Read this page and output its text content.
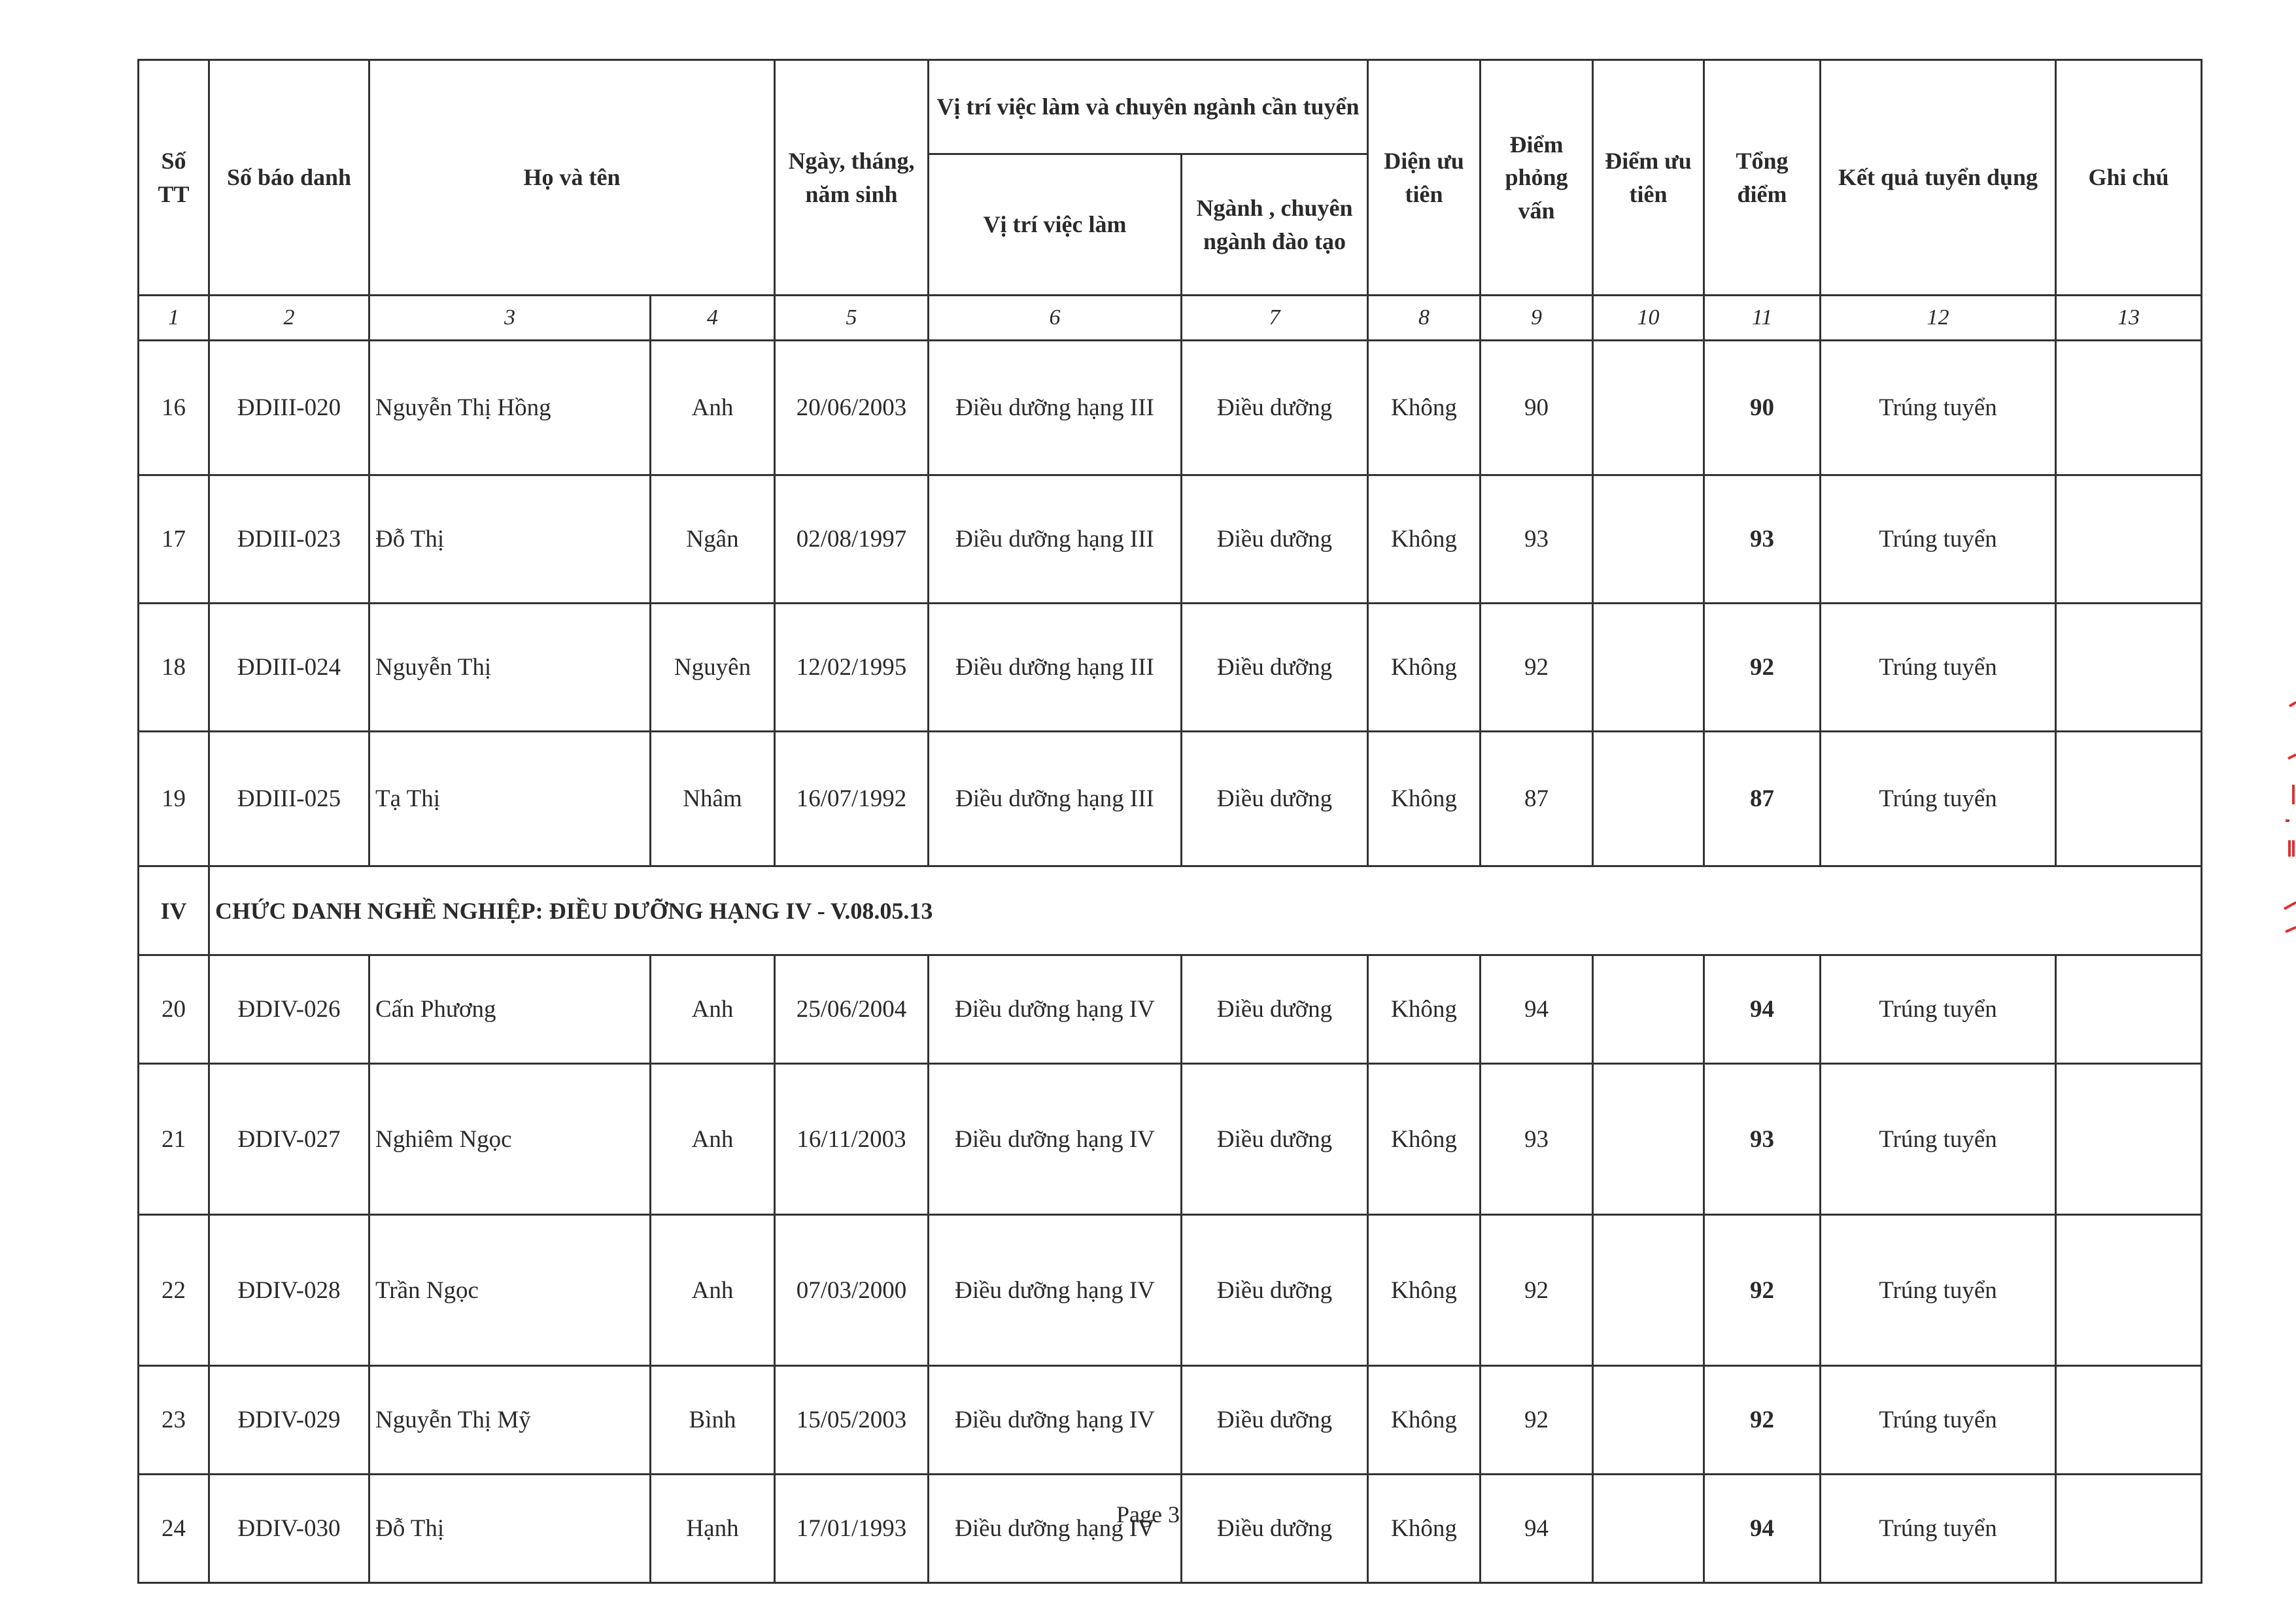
Số TT	Số báo danh	Họ và tên		Ngày, tháng, năm sinh	Vị trí việc làm và chuyên ngành cần tuyển		Diện ưu tiên	Điểm phỏng vấn	Điểm ưu tiên	Tổng điểm	Kết quả tuyển dụng	Ghi chú
					Vị trí việc làm	Ngành , chuyên ngành đào tạo						
1	2	3	4	5	6	7	8	9	10	11	12	13
16	ĐDIII-020	Nguyễn Thị Hồng	Anh	20/06/2003	Điều dưỡng hạng III	Điều dưỡng	Không	90		90	Trúng tuyển	
17	ĐDIII-023	Đỗ Thị	Ngân	02/08/1997	Điều dưỡng hạng III	Điều dưỡng	Không	93		93	Trúng tuyển	
18	ĐDIII-024	Nguyễn Thị	Nguyên	12/02/1995	Điều dưỡng hạng III	Điều dưỡng	Không	92		92	Trúng tuyển	
19	ĐDIII-025	Tạ Thị	Nhâm	16/07/1992	Điều dưỡng hạng III	Điều dưỡng	Không	87		87	Trúng tuyển	
IV	CHỨC DANH NGHỀ NGHIỆP: ĐIỀU DƯỠNG HẠNG IV - V.08.05.13											
20	ĐDIV-026	Cấn Phương	Anh	25/06/2004	Điều dưỡng hạng IV	Điều dưỡng	Không	94		94	Trúng tuyển	
21	ĐDIV-027	Nghiêm Ngọc	Anh	16/11/2003	Điều dưỡng hạng IV	Điều dưỡng	Không	93		93	Trúng tuyển	
22	ĐDIV-028	Trần Ngọc	Anh	07/03/2000	Điều dưỡng hạng IV	Điều dưỡng	Không	92		92	Trúng tuyển	
23	ĐDIV-029	Nguyễn Thị Mỹ	Bình	15/05/2003	Điều dưỡng hạng IV	Điều dưỡng	Không	92		92	Trúng tuyển	
24	ĐDIV-030	Đỗ Thị	Hạnh	17/01/1993	Điều dưỡng hạng IV	Điều dưỡng	Không	94		94	Trúng tuyển	
Page 3
